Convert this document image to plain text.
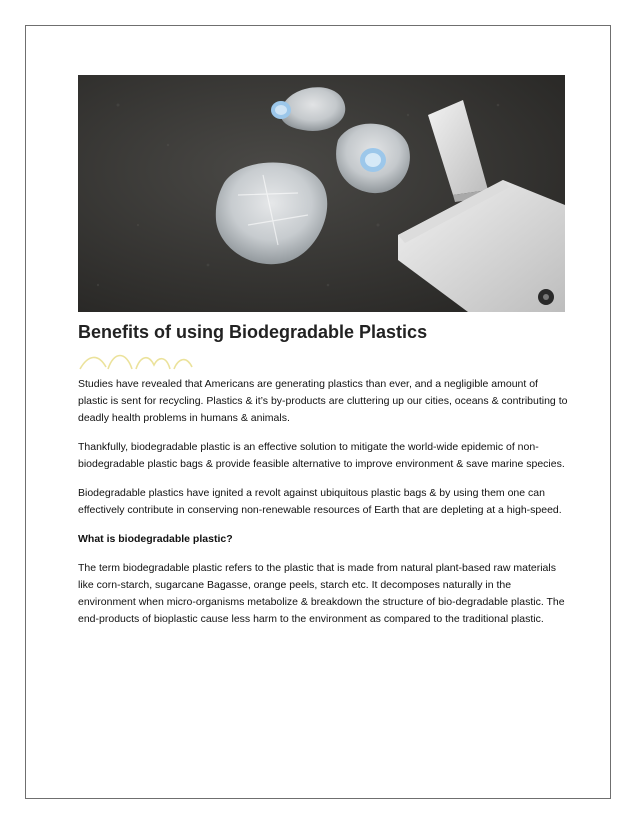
Benefits of using Biodegradable Plastics

Studies have revealed that Americans are generating plastics than ever, and a negligible amount of plastic is sent for recycling. Plastics & it’s by-products are cluttering up our cities, oceans & contributing to deadly health problems in humans & animals.

Thankfully, biodegradable plastic is an effective solution to mitigate the world-wide epidemic of non-biodegradable plastic bags & provide feasible alternative to improve environment & save marine species.

Biodegradable plastics have ignited a revolt against ubiquitous plastic bags & by using them one can effectively contribute in conserving non-renewable resources of Earth that are depleting at a high-speed.

What is biodegradable plastic?

The term biodegradable plastic refers to the plastic that is made from natural plant-based raw materials like corn-starch, sugarcane Bagasse, orange peels, starch etc. It decomposes naturally in the environment when micro-organisms metabolize & breakdown the structure of bio-degradable plastic. The end-products of bioplastic cause less harm to the environment as compared to the traditional plastic.
